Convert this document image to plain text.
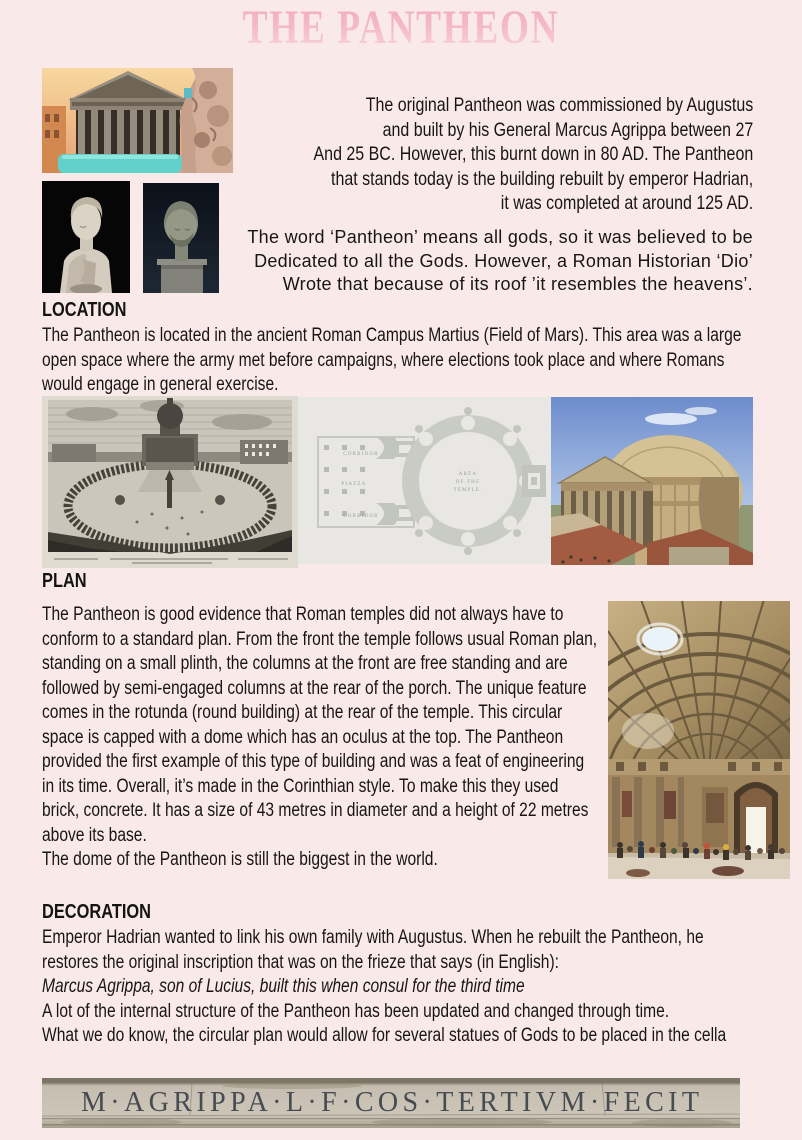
THE PANTHEON
The original Pantheon was commissioned by Augustus
and built by his General Marcus Agrippa between 27
And 25 BC. However, this burnt down in 80 AD. The Pantheon
that stands today is the building rebuilt by emperor Hadrian,
it was completed at around 125 AD.
The word ‘Pantheon’ means all gods, so it was believed to be
Dedicated to all the Gods. However, a Roman Historian ‘Dio’
Wrote that because of its roof ’it resembles the heavens’.
LOCATION
The Pantheon is located in the ancient Roman Campus Martius (Field of Mars). This area was a large open space where the army met before campaigns, where elections took place and where Romans would engage in general exercise.
CORRIDOR
PIAZZA
CORRIDOR
AREA
OF THE
TEMPLE.
PLAN
The Pantheon is good evidence that Roman temples did not always have to conform to a standard plan. From the front the temple follows usual Roman plan, standing on a small plinth, the columns at the front are free standing and are followed by semi-engaged columns at the rear of the porch. The unique feature comes in the rotunda (round building) at the rear of the temple. This circular space is capped with a dome which has an oculus at the top. The Pantheon provided the first example of this type of building and was a feat of engineering in its time. Overall, it’s made in the Corinthian style. To make this they used brick, concrete. It has a size of 43 metres in diameter and a height of 22 metres above its base.
The dome of the Pantheon is still the biggest in the world.
DECORATION
Emperor Hadrian wanted to link his own family with Augustus. When he rebuilt the Pantheon, he restores the original inscription that was on the frieze that says (in English):
Marcus Agrippa, son of Lucius, built this when consul for the third time
A lot of the internal structure of the Pantheon has been updated and changed through time.
What we do know, the circular plan would allow for several statues of Gods to be placed in the cella
M·AGRIPPA·L·F·COS·TERTIVM·FECIT
